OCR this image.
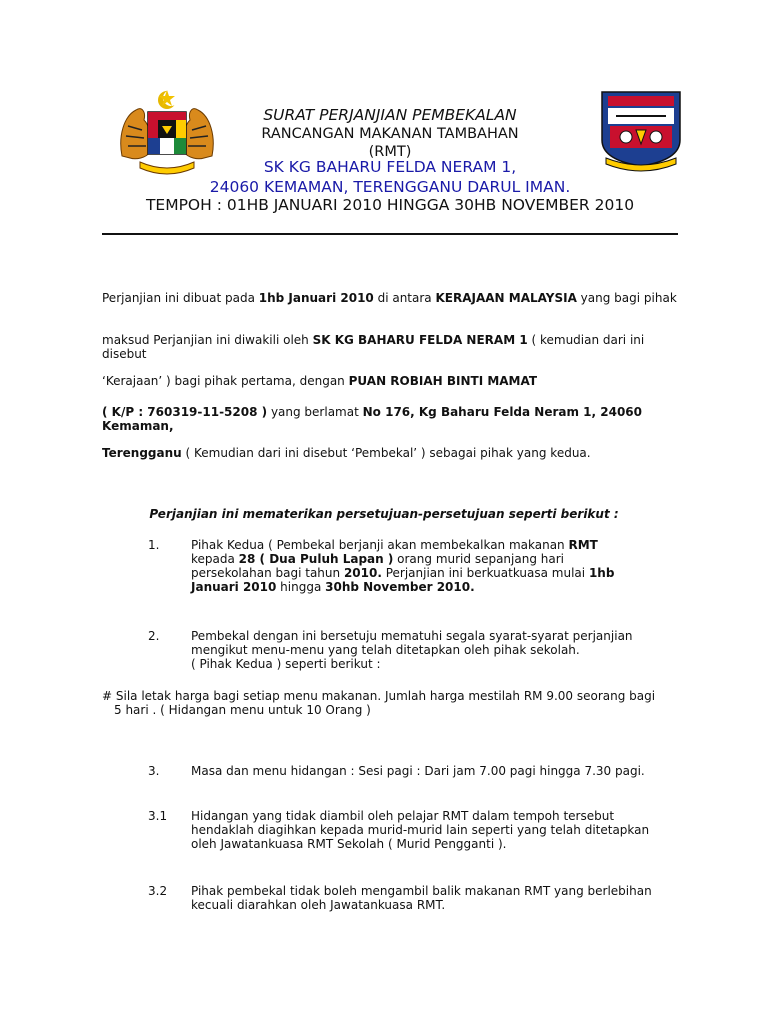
SURAT PERJANJIAN PEMBEKALAN
RANCANGAN MAKANAN TAMBAHAN
(RMT)
SK KG BAHARU FELDA NERAM 1,
24060 KEMAMAN, TERENGGANU DARUL IMAN.
TEMPOH : 01HB JANUARI 2010 HINGGA 30HB NOVEMBER 2010
Perjanjian ini dibuat pada 1hb Januari 2010 di antara KERAJAAN MALAYSIA yang bagi pihak
maksud Perjanjian ini diwakili oleh SK KG BAHARU FELDA NERAM 1 ( kemudian dari ini disebut
‘Kerajaan’ ) bagi pihak pertama, dengan PUAN ROBIAH BINTI MAMAT
( K/P : 760319-11-5208 ) yang berlamat No 176, Kg Baharu Felda Neram 1, 24060 Kemaman,
Terengganu ( Kemudian dari ini disebut ‘Pembekal’ ) sebagai pihak yang kedua.
Perjanjian ini mematerikan persetujuan-persetujuan seperti berikut :
1.	Pihak Kedua ( Pembekal berjanji akan membekalkan makanan RMT
kepada 28 ( Dua Puluh Lapan ) orang murid sepanjang hari
persekolahan bagi tahun 2010. Perjanjian ini berkuatkuasa mulai 1hb
Januari 2010 hingga 30hb November 2010.
2.	Pembekal dengan ini bersetuju mematuhi segala syarat-syarat perjanjian
mengikut menu-menu yang telah ditetapkan oleh pihak sekolah.
( Pihak Kedua ) seperti berikut :
# Sila letak harga bagi setiap menu makanan. Jumlah harga mestilah RM 9.00 seorang bagi
5 hari . ( Hidangan menu untuk 10 Orang )
3.	Masa dan menu hidangan : Sesi pagi : Dari jam 7.00 pagi hingga 7.30 pagi.
3.1 Hidangan yang tidak diambil oleh pelajar RMT dalam tempoh tersebut
hendaklah diagihkan kepada murid-murid lain seperti yang telah ditetapkan
oleh Jawatankuasa RMT Sekolah ( Murid Pengganti ).
3.2 Pihak pembekal tidak boleh mengambil balik makanan RMT yang berlebihan
kecuali diarahkan oleh Jawatankuasa RMT.
